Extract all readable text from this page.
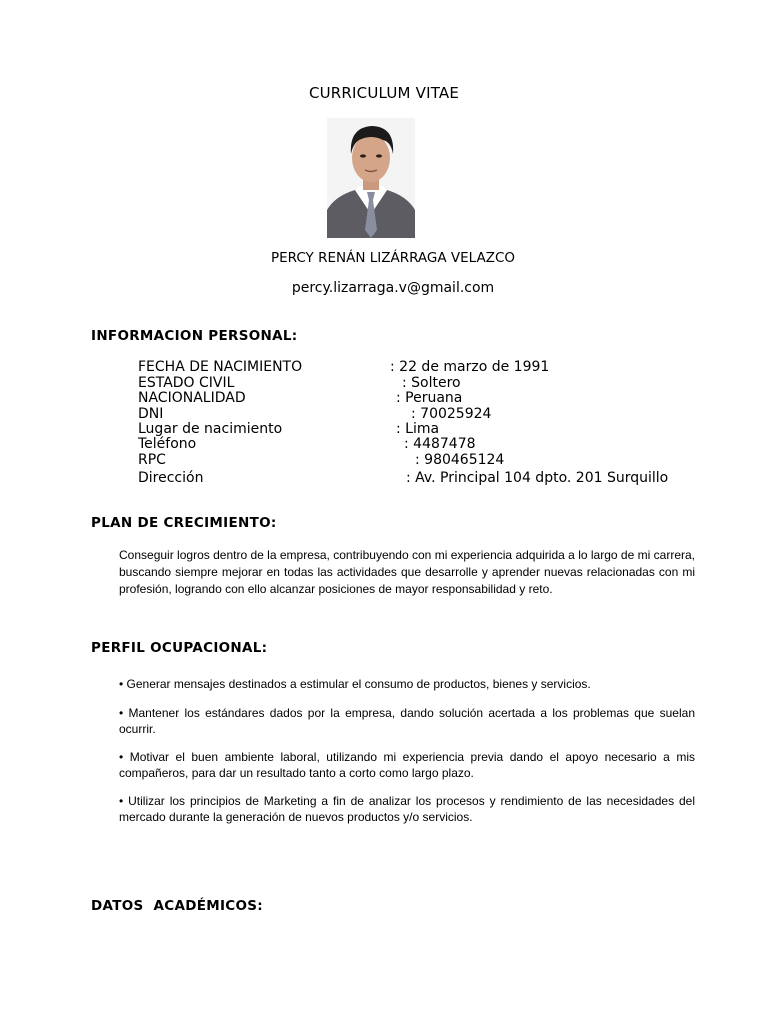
CURRICULUM VITAE
PERCY RENÁN LIZÁRRAGA VELAZCO
percy.lizarraga.v@gmail.com
INFORMACION PERSONAL:
FECHA DE NACIMIENTO	: 22 de marzo de 1991
ESTADO CIVIL	: Soltero
NACIONALIDAD	: Peruana
DNI	: 70025924
Lugar de nacimiento	: Lima
Teléfono	: 4487478
RPC	: 980465124
Dirección	: Av. Principal 104 dpto. 201 Surquillo
PLAN DE CRECIMIENTO:

Conseguir logros dentro de la empresa, contribuyendo con mi experiencia adquirida a lo largo de mi carrera, buscando siempre mejorar en todas las actividades que desarrolle y aprender nuevas relacionadas con mi profesión, logrando con ello alcanzar posiciones de mayor responsabilidad y reto.

PERFIL OCUPACIONAL:

• Generar mensajes destinados a estimular el consumo de productos, bienes y servicios.

• Mantener los estándares dados por la empresa, dando solución acertada a los problemas que suelan ocurrir.

• Motivar el buen ambiente laboral, utilizando mi experiencia previa dando el apoyo necesario a mis compañeros, para dar un resultado tanto a corto como largo plazo.

• Utilizar los principios de Marketing a fin de analizar los procesos y rendimiento de las necesidades del mercado durante la generación de nuevos productos y/o servicios.

DATOS  ACADÉMICOS:
